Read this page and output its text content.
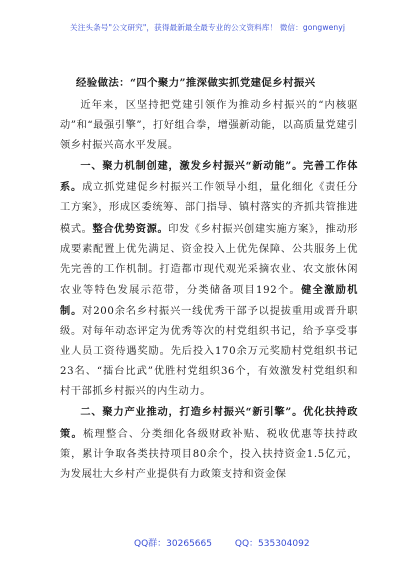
关注头条号"公文研究"，获得最新最全最专业的公文资料库！ 微信：gongwenyj
经验做法：“四个聚力”推深做实抓党建促乡村振兴

近年来，区坚持把党建引领作为推动乡村振兴的“内核驱动”和“最强引擎”，打好组合拳，增强新动能，以高质量党建引领乡村振兴高水平发展。

一、聚力机制创建，激发乡村振兴“新动能”。完善工作体系。成立抓党建促乡村振兴工作领导小组，量化细化《责任分工方案》，形成区委统筹、部门指导、镇村落实的齐抓共管推进模式。整合优势资源。印发《乡村振兴创建实施方案》，推动形成要素配置上优先满足、资金投入上优先保障、公共服务上优先完善的工作机制。打造都市现代观光采摘农业、农文旅休闲农业等特色发展示范带，分类储备项目192个。健全激励机制。对200余名乡村振兴一线优秀干部予以提拔重用或晋升职级。对每年动态评定为优秀等次的村党组织书记，给予享受事业人员工资待遇奖励。先后投入170余万元奖励村党组织书记23名、“擂台比武”优胜村党组织36个，有效激发村党组织和村干部抓乡村振兴的内生动力。

二、聚力产业推动，打造乡村振兴“新引擎”。优化扶持政策。梳理整合、分类细化各级财政补贴、税收优惠等扶持政策，累计争取各类扶持项目80余个，投入扶持资金1.5亿元，为发展壮大乡村产业提供有力政策支持和资金保

QQ群：30265665	QQ：535304092
